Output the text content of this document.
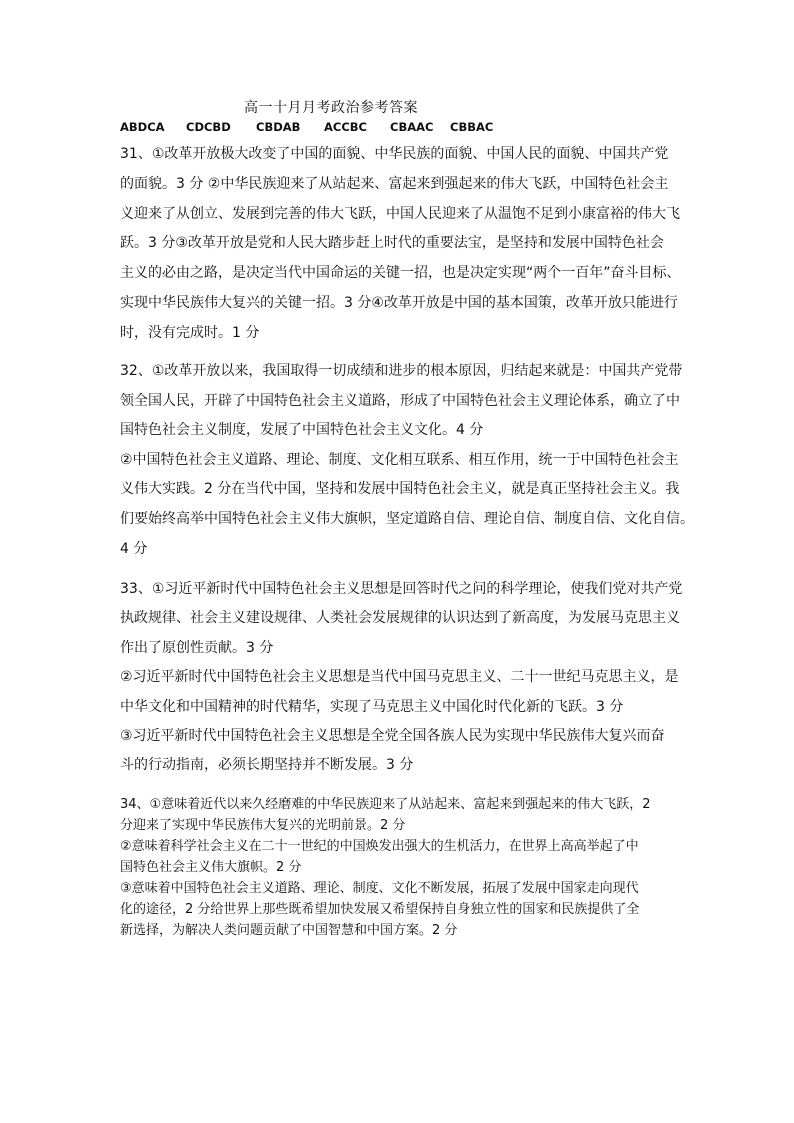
高一十月月考政治参考答案
ABDCA CDCBD CBDAB ACCBC CBAAC CBBAC
31、①改革开放极大改变了中国的面貌、中华民族的面貌、中国人民的面貌、中国共产党
的面貌。3 分 ②中华民族迎来了从站起来、富起来到强起来的伟大飞跃，中国特色社会主
义迎来了从创立、发展到完善的伟大飞跃，中国人民迎来了从温饱不足到小康富裕的伟大飞
跃。3 分③改革开放是党和人民大踏步赶上时代的重要法宝，是坚持和发展中国特色社会
主义的必由之路，是决定当代中国命运的关键一招，也是决定实现“两个一百年”奋斗目标、
实现中华民族伟大复兴的关键一招。3 分④改革开放是中国的基本国策，改革开放只能进行
时，没有完成时。1 分
32、①改革开放以来，我国取得一切成绩和进步的根本原因，归结起来就是：中国共产党带
领全国人民，开辟了中国特色社会主义道路，形成了中国特色社会主义理论体系，确立了中
国特色社会主义制度，发展了中国特色社会主义文化。4 分
②中国特色社会主义道路、理论、制度、文化相互联系、相互作用，统一于中国特色社会主
义伟大实践。2 分在当代中国，坚持和发展中国特色社会主义，就是真正坚持社会主义。我
们要始终高举中国特色社会主义伟大旗帜，坚定道路自信、理论自信、制度自信、文化自信。
4 分
33、①习近平新时代中国特色社会主义思想是回答时代之问的科学理论，使我们党对共产党
执政规律、社会主义建设规律、人类社会发展规律的认识达到了新高度，为发展马克思主义
作出了原创性贡献。3 分
②习近平新时代中国特色社会主义思想是当代中国马克思主义、二十一世纪马克思主义，是
中华文化和中国精神的时代精华，实现了马克思主义中国化时代化新的飞跃。3 分
③习近平新时代中国特色社会主义思想是全党全国各族人民为实现中华民族伟大复兴而奋
斗的行动指南，必须长期坚持并不断发展。3 分
34、①意味着近代以来久经磨难的中华民族迎来了从站起来、富起来到强起来的伟大飞跃，2
分迎来了实现中华民族伟大复兴的光明前景。2 分
②意味着科学社会主义在二十一世纪的中国焕发出强大的生机活力，在世界上高高举起了中
国特色社会主义伟大旗帜。2 分
③意味着中国特色社会主义道路、理论、制度、文化不断发展，拓展了发展中国家走向现代
化的途径，2 分给世界上那些既希望加快发展又希望保持自身独立性的国家和民族提供了全
新选择，为解决人类问题贡献了中国智慧和中国方案。2 分
